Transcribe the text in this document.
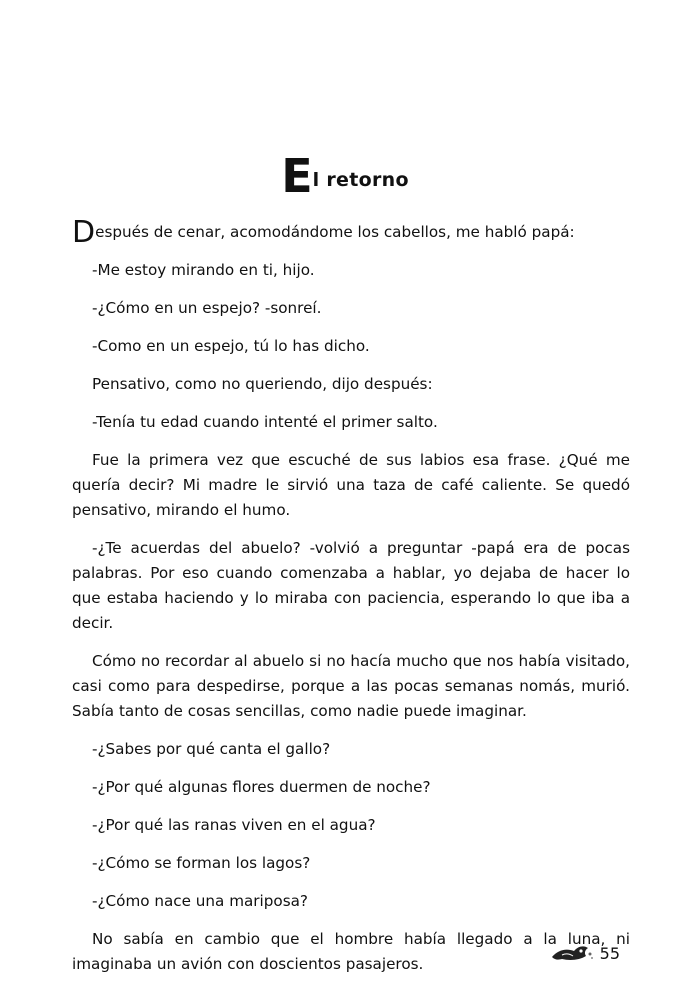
El retorno

Después de cenar, acomodándome los cabellos, me habló papá:

-Me estoy mirando en ti, hijo.

-¿Cómo en un espejo? -sonreí.

-Como en un espejo, tú lo has dicho.

Pensativo, como no queriendo, dijo después:

-Tenía tu edad cuando intenté el primer salto.

Fue la primera vez que escuché de sus labios esa frase. ¿Qué me quería decir? Mi madre le sirvió una taza de café caliente. Se quedó pensativo, mirando el humo.

-¿Te acuerdas del abuelo? -volvió a preguntar -papá era de pocas palabras. Por eso cuando comenzaba a hablar, yo dejaba de hacer lo que estaba haciendo y lo miraba con paciencia, esperando lo que iba a decir.

Cómo no recordar al abuelo si no hacía mucho que nos había visitado, casi como para despedirse, porque a las pocas semanas nomás, murió. Sabía tanto de cosas sencillas, como nadie puede imaginar.

-¿Sabes por qué canta el gallo?

-¿Por qué algunas flores duermen de noche?

-¿Por qué las ranas viven en el agua?

-¿Cómo se forman los lagos?

-¿Cómo nace una mariposa?

No sabía en cambio que el hombre había llegado a la luna, ni imaginaba un avión con doscientos pasajeros.

55
